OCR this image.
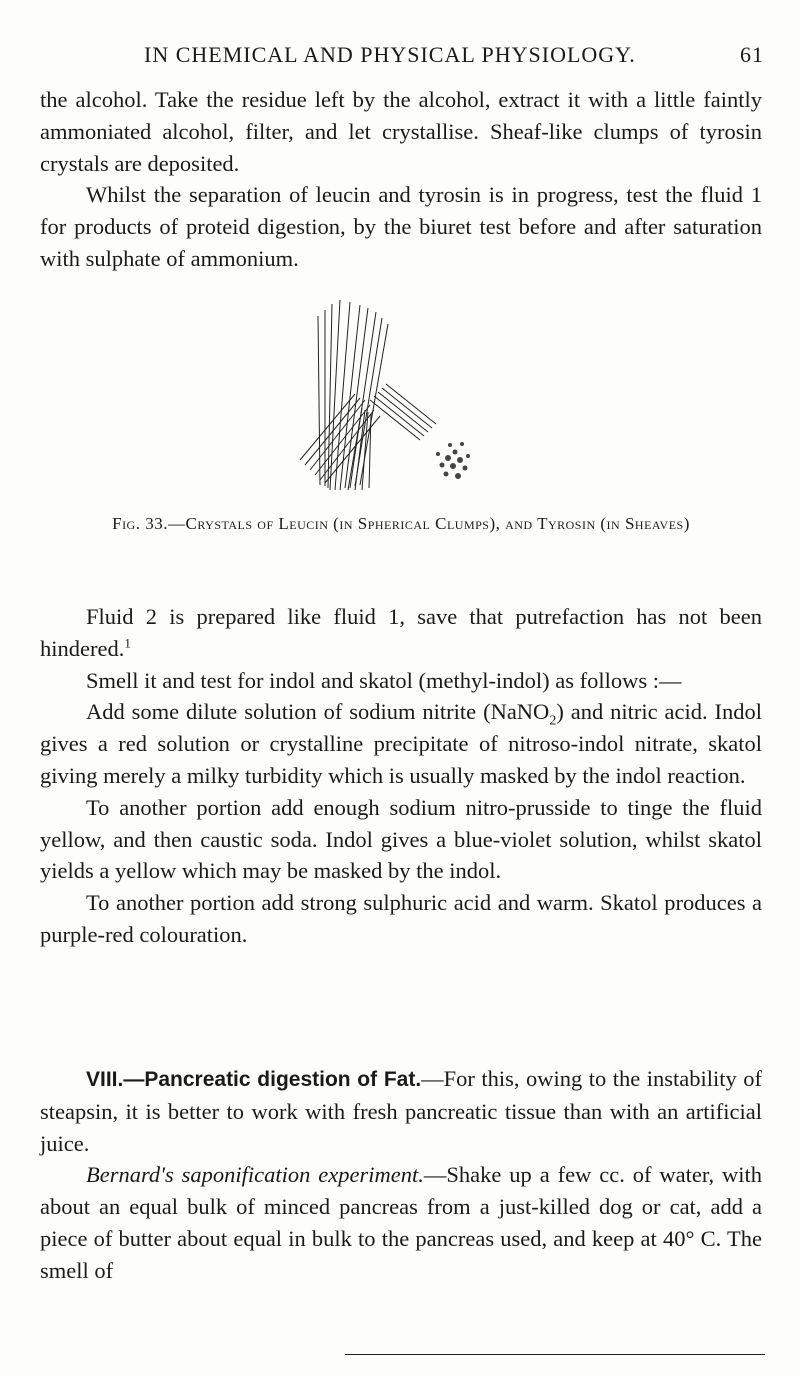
IN CHEMICAL AND PHYSICAL PHYSIOLOGY.	61

the alcohol. Take the residue left by the alcohol, extract it with a little faintly ammoniated alcohol, filter, and let crystallise. Sheaf-like clumps of tyrosin crystals are deposited.

Whilst the separation of leucin and tyrosin is in progress, test the fluid 1 for products of proteid digestion, by the biuret test before and after saturation with sulphate of ammonium.

Fig. 33.—Crystals of Leucin (in Spherical Clumps), and Tyrosin (in Sheaves)

Fluid 2 is prepared like fluid 1, save that putrefaction has not been hindered.$^1$

Smell it and test for indol and skatol (methyl-indol) as follows :—

Add some dilute solution of sodium nitrite (NaNO$_2$) and nitric acid. Indol gives a red solution or crystalline precipitate of nitroso-indol nitrate, skatol giving merely a milky turbidity which is usually masked by the indol reaction.

To another portion add enough sodium nitro-prusside to tinge the fluid yellow, and then caustic soda. Indol gives a blue-violet solution, whilst skatol yields a yellow which may be masked by the indol.

To another portion add strong sulphuric acid and warm. Skatol produces a purple-red colouration.

VIII.—Pancreatic digestion of Fat.—For this, owing to the instability of steapsin, it is better to work with fresh pancreatic tissue than with an artificial juice.

Bernard's saponification experiment.—Shake up a few cc. of water, with about an equal bulk of minced pancreas from a just-killed dog or cat, add a piece of butter about equal in bulk to the pancreas used, and keep at 40° C. The smell of
